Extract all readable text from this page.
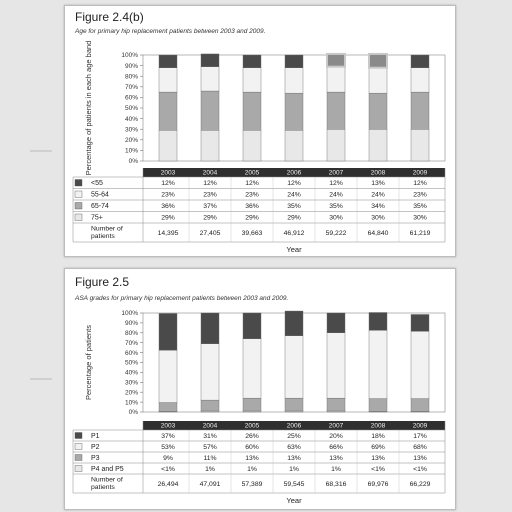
Figure 2.4(b)
Age for primary hip replacement patients between 2003 and 2009.
0%
10%
20%
30%
40%
50%
60%
70%
80%
90%
100%
Percentage of patients in each age band	2003	2004	2005	2006	2007	2008	2009
<55	12%	12%	12%	12%	12%	13%	12%
55-64	23%	23%	23%	24%	24%	24%	23%
65-74	36%	37%	36%	35%	35%	34%	35%
75+	29%	29%	29%	29%	30%	30%	30%
Number of
patients	14,395	27,405	39,663	46,912	59,222	64,840	61,219
Year
Figure 2.5
ASA grades for primary hip replacement patients between 2003 and 2009.
0%
10%
20%
30%
40%
50%
60%
70%
80%
90%
100%
Percentage of patients
2003	2004	2005	2006	2007	2008	2009
P1	37%	31%	26%	25%	20%	18%	17%
P2	53%	57%	60%	63%	66%	69%	68%
P3	9%	11%	13%	13%	13%	13%	13%
P4 and P5	<1%	1%	1%	1%	1%	<1%	<1%
Number of
patients	26,494	47,091	57,389	59,545	68,316	69,976	66,229
Year
